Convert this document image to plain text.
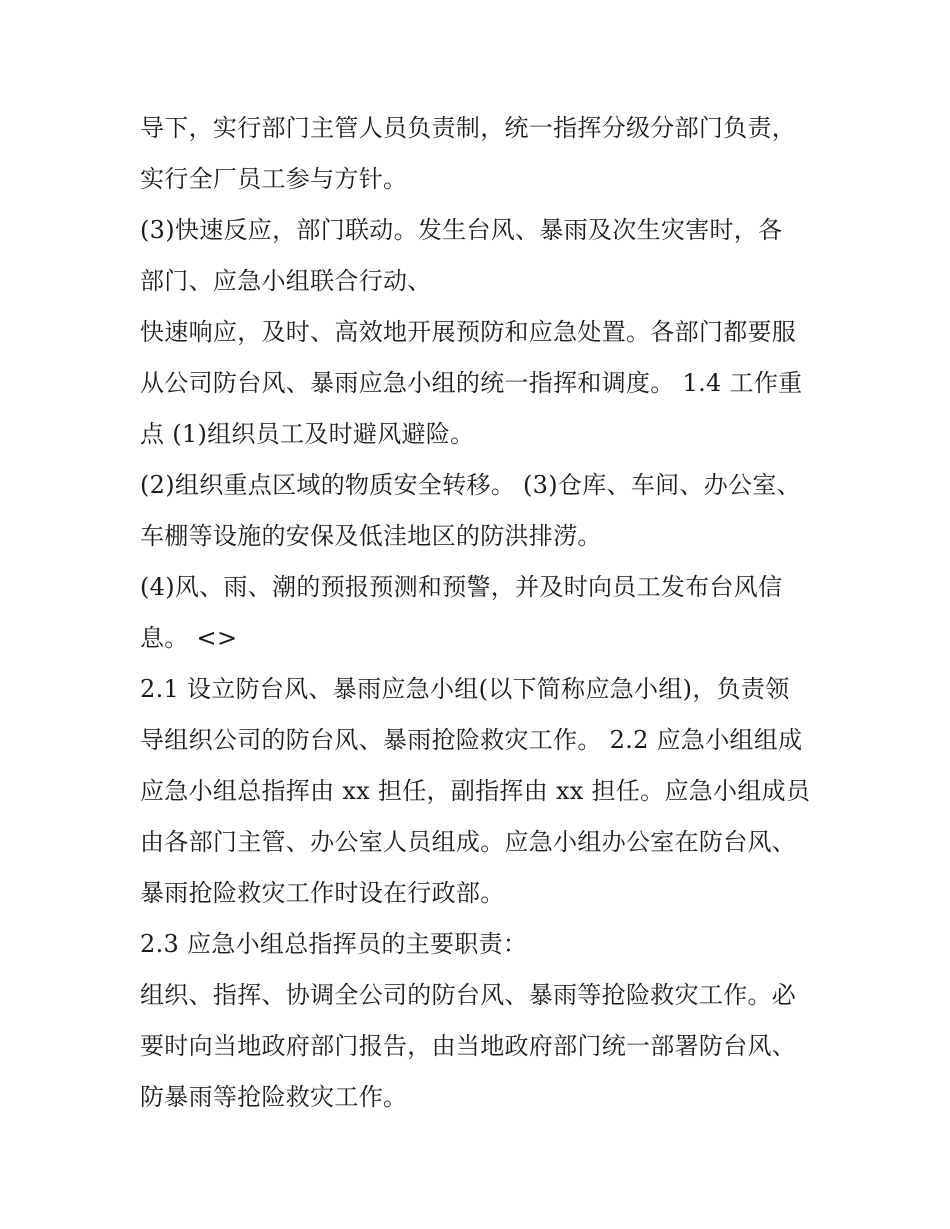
导下，实行部门主管人员负责制，统一指挥分级分部门负责，
实行全厂员工参与方针。
(3)快速反应，部门联动。发生台风、暴雨及次生灾害时，各
部门、应急小组联合行动、
快速响应，及时、高效地开展预防和应急处置。各部门都要服
从公司防台风、暴雨应急小组的统一指挥和调度。 1.4 工作重
点 (1)组织员工及时避风避险。
(2)组织重点区域的物质安全转移。 (3)仓库、车间、办公室、
车棚等设施的安保及低洼地区的防洪排涝。
(4)风、雨、潮的预报预测和预警，并及时向员工发布台风信
息。 <>
2.1 设立防台风、暴雨应急小组(以下简称应急小组)，负责领
导组织公司的防台风、暴雨抢险救灾工作。 2.2 应急小组组成
应急小组总指挥由 xx 担任，副指挥由 xx 担任。应急小组成员
由各部门主管、办公室人员组成。应急小组办公室在防台风、
暴雨抢险救灾工作时设在行政部。
2.3 应急小组总指挥员的主要职责：
组织、指挥、协调全公司的防台风、暴雨等抢险救灾工作。必
要时向当地政府部门报告，由当地政府部门统一部署防台风、
防暴雨等抢险救灾工作。
